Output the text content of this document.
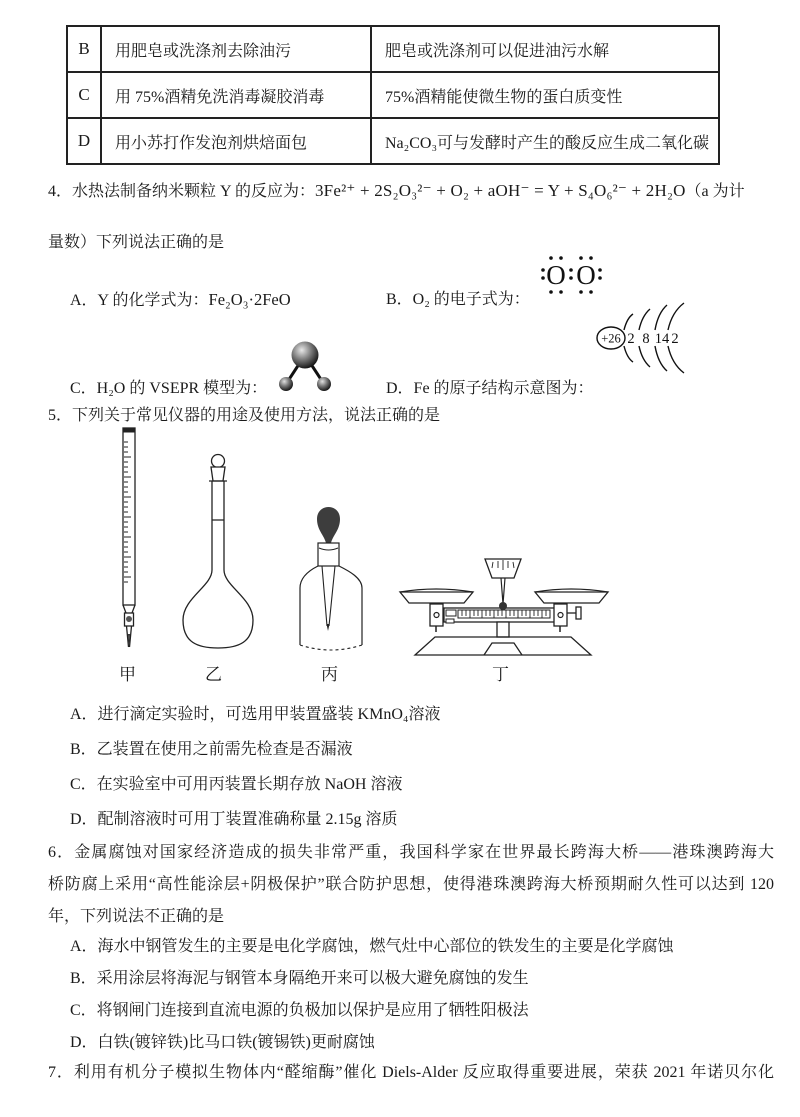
B	用肥皂或洗涤剂去除油污	肥皂或洗涤剂可以促进油污水解
C	用 75%酒精免洗消毒凝胶消毒	75%酒精能使微生物的蛋白质变性
D	用小苏打作发泡剂烘焙面包	Na₂CO₃可与发酵时产生的酸反应生成二氧化碳
4．水热法制备纳米颗粒 Y 的反应为：3Fe²⁺ + 2S₂O₃²⁻ + O₂ + aOH⁻ = Y + S₄O₆²⁻ + 2H₂O（a 为计
量数）下列说法正确的是
A．Y 的化学式为：Fe₂O₃·2FeO	B．O₂ 的电子式为：
O O
C．H₂O 的 VSEPR 模型为：	D．Fe 的原子结构示意图为：
+26 2 8 14 2
5．下列关于常见仪器的用途及使用方法，说法正确的是
甲	乙	丙	丁
A．进行滴定实验时，可选用甲装置盛装 KMnO₄溶液
B．乙装置在使用之前需先检查是否漏液
C．在实验室中可用丙装置长期存放 NaOH 溶液
D．配制溶液时可用丁装置准确称量 2.15g 溶质
6．金属腐蚀对国家经济造成的损失非常严重，我国科学家在世界最长跨海大桥——港珠澳跨海大
桥防腐上采用“高性能涂层+阴极保护”联合防护思想，使得港珠澳跨海大桥预期耐久性可以达到 120
年，下列说法不正确的是
A．海水中钢管发生的主要是电化学腐蚀，燃气灶中心部位的铁发生的主要是化学腐蚀
B．采用涂层将海泥与钢管本身隔绝开来可以极大避免腐蚀的发生
C．将钢闸门连接到直流电源的负极加以保护是应用了牺牲阳极法
D．白铁(镀锌铁)比马口铁(镀锡铁)更耐腐蚀
7．利用有机分子模拟生物体内“醛缩酶”催化 Diels-Alder 反应取得重要进展，荣获 2021 年诺贝尔化
